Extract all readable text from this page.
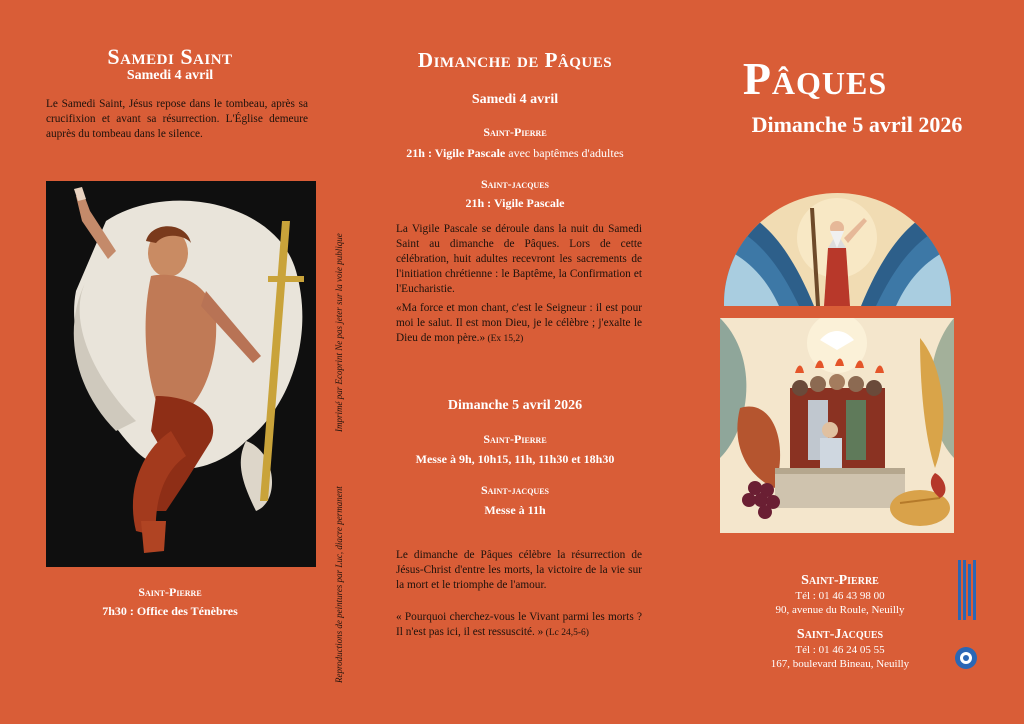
Samedi Saint
Samedi 4 avril

Le Samedi Saint, Jésus repose dans le tombeau, après sa crucifixion et avant sa résurrection. L'Église demeure auprès du tombeau dans le silence.

Saint-Pierre
7h30 : Office des Ténèbres
Imprimé par Ecoprint Ne pas jeter sur la voie publique
Reproductions de peintures par Luc, diacre permanent
Dimanche de Pâques
Samedi 4 avril
Saint-Pierre
21h : Vigile Pascale avec baptêmes d'adultes
Saint-jacques
21h : Vigile Pascale

La Vigile Pascale se déroule dans la nuit du Samedi Saint au dimanche de Pâques. Lors de cette célébration, huit adultes recevront les sacrements de l'initiation chrétienne : le Baptême, la Confirmation et l'Eucharistie.

«Ma force et mon chant, c'est le Seigneur : il est pour moi le salut. Il est mon Dieu, je le célèbre ; j'exalte le Dieu de mon père.» (Ex 15,2)

Dimanche 5 avril 2026
Saint-Pierre
Messe à 9h, 10h15, 11h, 11h30 et 18h30
Saint-jacques
Messe à 11h

Le dimanche de Pâques célèbre la résurrection de Jésus-Christ d'entre les morts, la victoire de la vie sur la mort et le triomphe de l'amour.

« Pourquoi cherchez-vous le Vivant parmi les morts ? Il n'est pas ici, il est ressuscité. » (Lc 24,5-6)

Pâques
Dimanche 5 avril 2026
Saint-Pierre
Tél : 01 46 43 98 00
90, avenue du Roule, Neuilly
Saint-Jacques
Tél : 01 46 24 05 55
167, boulevard Bineau, Neuilly
